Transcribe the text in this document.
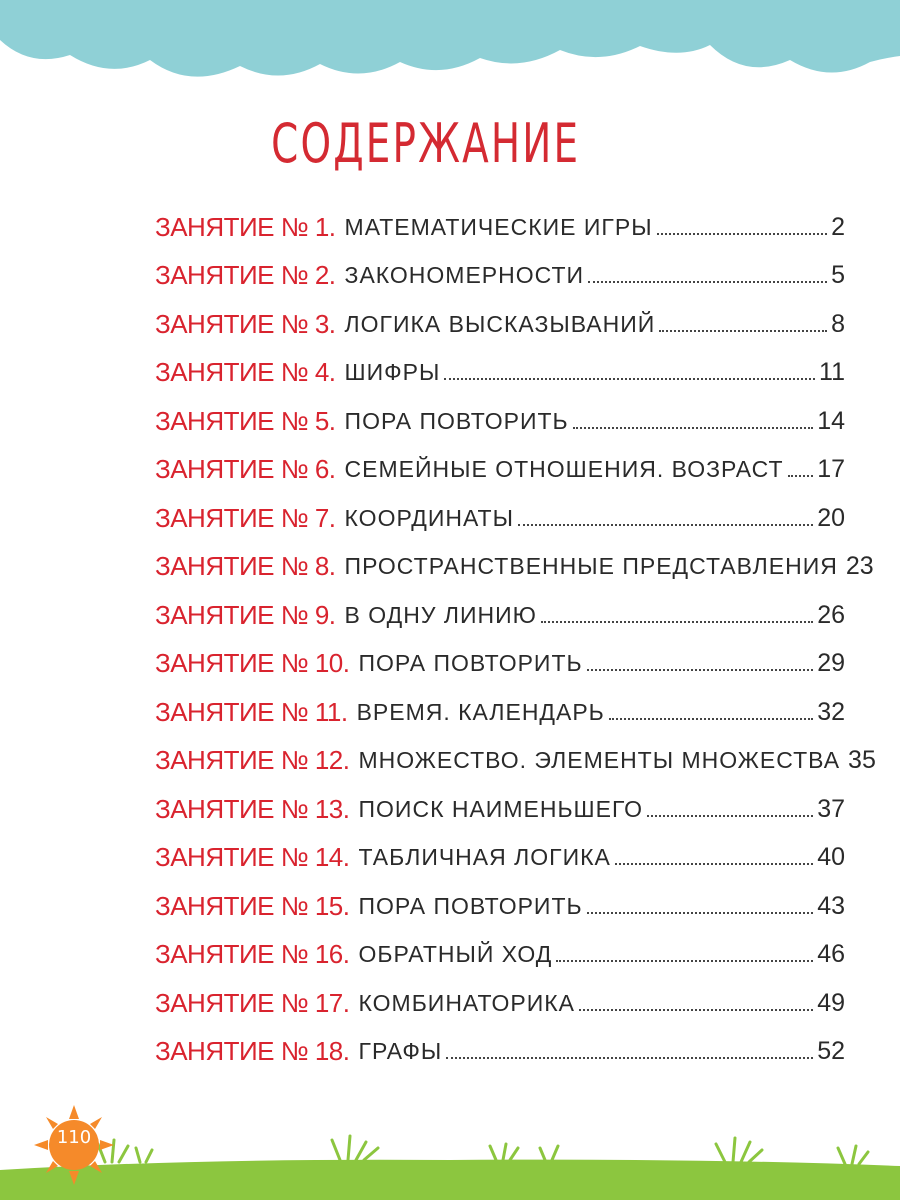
СОДЕРЖАНИЕ
ЗАНЯТИЕ № 1. МАТЕМАТИЧЕСКИЕ ИГРЫ	2
ЗАНЯТИЕ № 2. ЗАКОНОМЕРНОСТИ	5
ЗАНЯТИЕ № 3. ЛОГИКА ВЫСКАЗЫВАНИЙ	8
ЗАНЯТИЕ № 4. ШИФРЫ	11
ЗАНЯТИЕ № 5. ПОРА ПОВТОРИТЬ	14
ЗАНЯТИЕ № 6. СЕМЕЙНЫЕ ОТНОШЕНИЯ. ВОЗРАСТ 17
ЗАНЯТИЕ № 7. КООРДИНАТЫ	20
ЗАНЯТИЕ № 8. ПРОСТРАНСТВЕННЫЕ ПРЕДСТАВЛЕНИЯ 23
ЗАНЯТИЕ № 9. В ОДНУ ЛИНИЮ	26
ЗАНЯТИЕ № 10. ПОРА ПОВТОРИТЬ	29
ЗАНЯТИЕ № 11. ВРЕМЯ. КАЛЕНДАРЬ	32
ЗАНЯТИЕ № 12. МНОЖЕСТВО. ЭЛЕМЕНТЫ МНОЖЕСТВА 35
ЗАНЯТИЕ № 13. ПОИСК НАИМЕНЬШЕГО	37
ЗАНЯТИЕ № 14. ТАБЛИЧНАЯ ЛОГИКА	40
ЗАНЯТИЕ № 15. ПОРА ПОВТОРИТЬ	43
ЗАНЯТИЕ № 16. ОБРАТНЫЙ ХОД	46
ЗАНЯТИЕ № 17. КОМБИНАТОРИКА	49
ЗАНЯТИЕ № 18. ГРАФЫ	52
110
